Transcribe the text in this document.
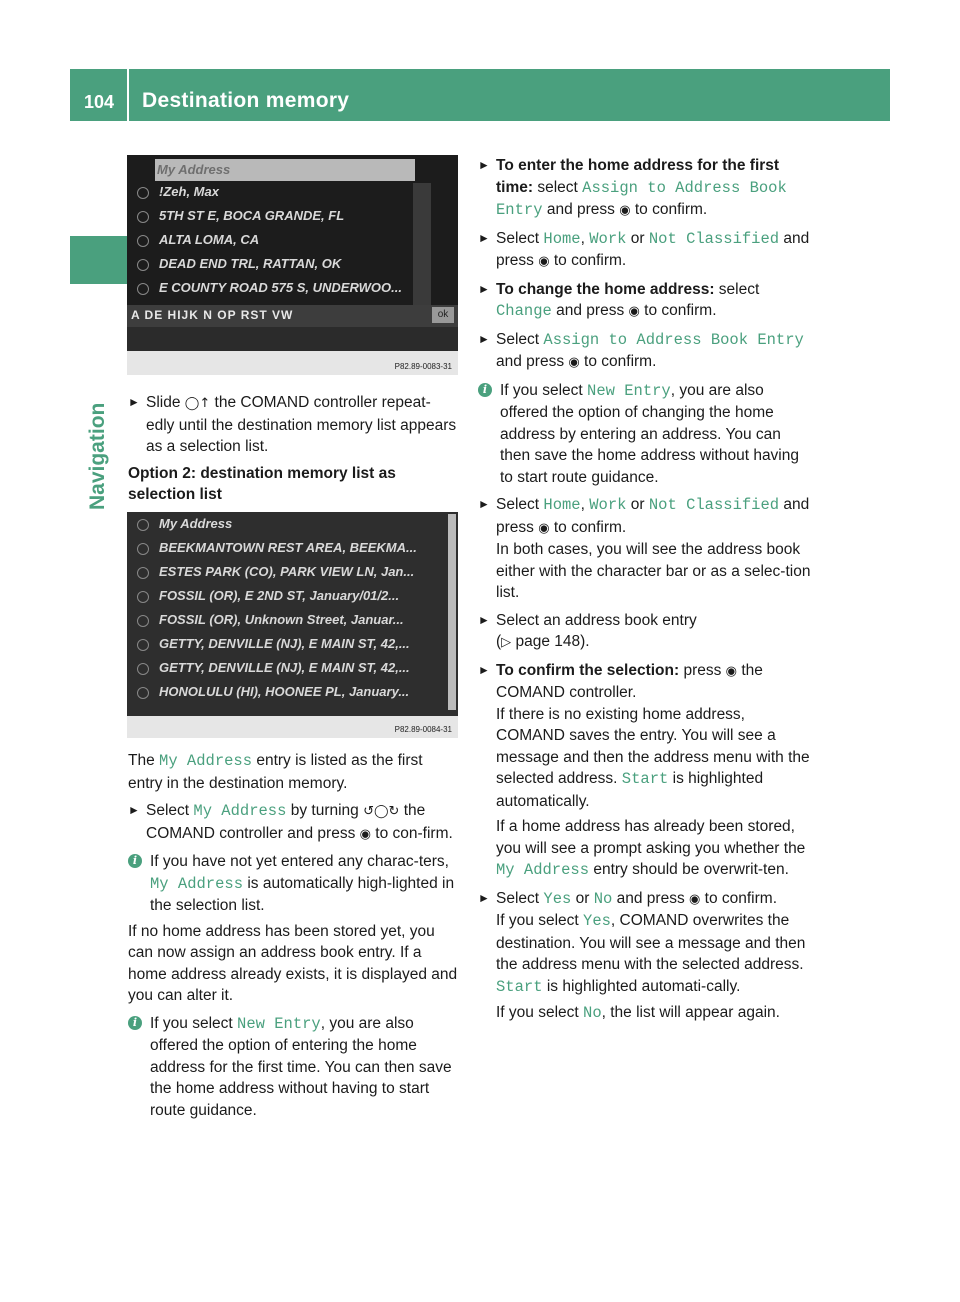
104 Destination memory
Navigation
My Address
!Zeh, Max
5TH ST E, BOCA GRANDE, FL
ALTA LOMA, CA
DEAD END TRL, RATTAN, OK
E COUNTY ROAD 575 S, UNDERWOO...
A DE HIJK N OP RST VW	ok
P82.89-0083-31
My Address
BEEKMANTOWN REST AREA, BEEKMA...
ESTES PARK (CO), PARK VIEW LN, Jan...
FOSSIL (OR), E 2ND ST, January/01/2...
FOSSIL (OR), Unknown Street, Januar...
GETTY, DENVILLE (NJ), E MAIN ST, 42,...
GETTY, DENVILLE (NJ), E MAIN ST, 42,...
HONOLULU (HI), HOONEE PL, January...
P82.89-0084-31

► Slide ◯↑ the COMAND controller repeat-edly until the destination memory list appears as a selection list.

Option 2: destination memory list as selection list

The My Address entry is listed as the first entry in the destination memory.

► Select My Address by turning ↺◯↻ the COMAND controller and press ◉ to con-firm.

i If you have not yet entered any charac-ters, My Address is automatically high-lighted in the selection list.

If no home address has been stored yet, you can now assign an address book entry. If a home address already exists, it is displayed and you can alter it.

i If you select New Entry, you are also offered the option of entering the home address for the first time. You can then save the home address without having to start route guidance.

► To enter the home address for the first time: select Assign to Address Book Entry and press ◉ to confirm.

► Select Home, Work or Not Classified and press ◉ to confirm.

► To change the home address: select Change and press ◉ to confirm.

► Select Assign to Address Book Entry and press ◉ to confirm.

i If you select New Entry, you are also offered the option of changing the home address by entering an address. You can then save the home address without having to start route guidance.

► Select Home, Work or Not Classified and press ◉ to confirm.
In both cases, you will see the address book either with the character bar or as a selec-tion list.

► Select an address book entry
(▷ page 148).

► To confirm the selection: press ◉ the COMAND controller.
If there is no existing home address, COMAND saves the entry. You will see a message and then the address menu with the selected address. Start is highlighted automatically.

If a home address has already been stored, you will see a prompt asking you whether the My Address entry should be overwrit-ten.

► Select Yes or No and press ◉ to confirm.
If you select Yes, COMAND overwrites the destination. You will see a message and then the address menu with the selected address. Start is highlighted automati-cally.

If you select No, the list will appear again.
